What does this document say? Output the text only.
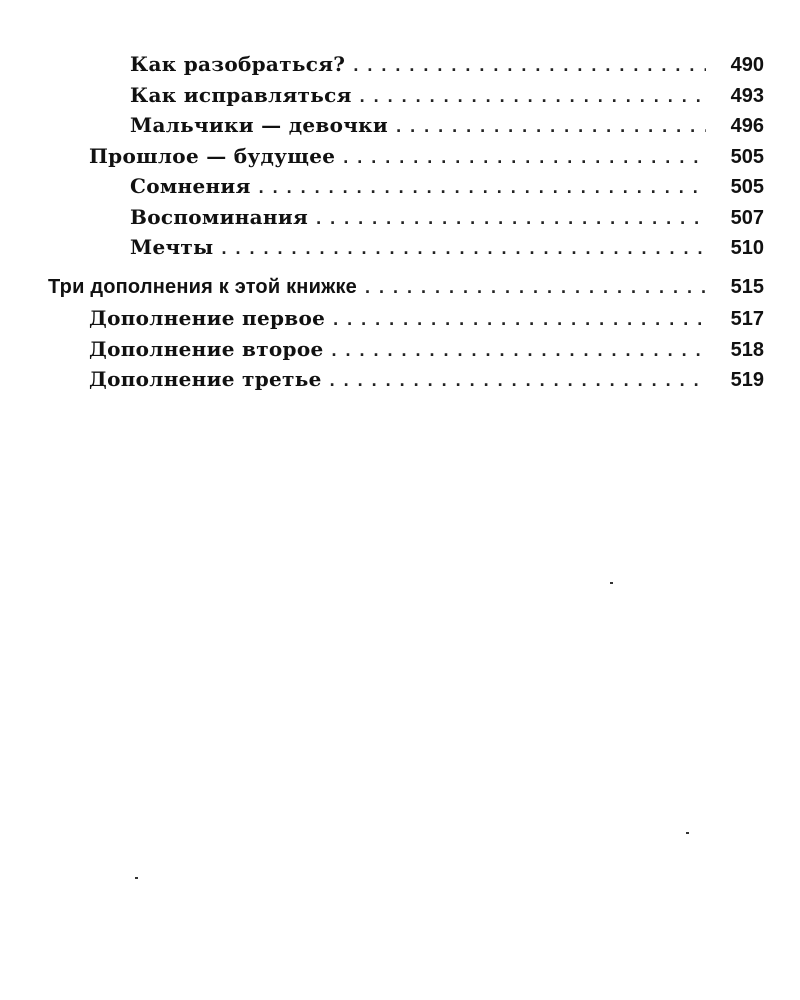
Как разобраться? . . .	490
Как исправляться . . .	493
Мальчики — девочки . . .	496
Прошлое — будущее . . .	505
Сомнения . . .	505
Воспоминания . . .	507
Мечты . . .	510
Три дополнения к этой книжке . . .	515
Дополнение первое . . .	517
Дополнение второе . . .	518
Дополнение третье . . .	519
